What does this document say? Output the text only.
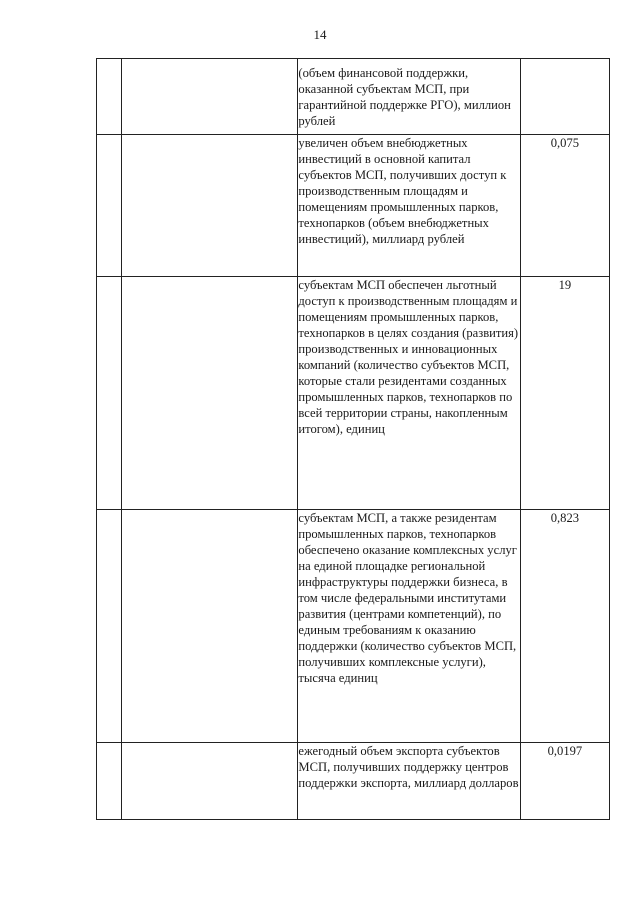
14
		(объем финансовой поддержки, оказанной субъектам МСП, при гарантийной поддержке РГО), миллион рублей	
		увеличен объем внебюджетных инвестиций в основной капитал субъектов МСП, получивших доступ к производственным площадям и помещениям промышленных парков, технопарков (объем внебюджетных инвестиций), миллиард рублей	0,075
		субъектам МСП обеспечен льготный доступ к производственным площадям и помещениям промышленных парков, технопарков в целях создания (развития) производственных и инновационных компаний (количество субъектов МСП, которые стали резидентами созданных промышленных парков, технопарков по всей территории страны, накопленным итогом), единиц	19
		субъектам МСП, а также резидентам промышленных парков, технопарков обеспечено оказание комплексных услуг на единой площадке региональной инфраструктуры поддержки бизнеса, в том числе федеральными институтами развития (центрами компетенций), по единым требованиям к оказанию поддержки (количество субъектов МСП, получивших комплексные услуги), тысяча единиц	0,823
		ежегодный объем экспорта субъектов МСП, получивших поддержку центров поддержки экспорта, миллиард долларов	0,0197
